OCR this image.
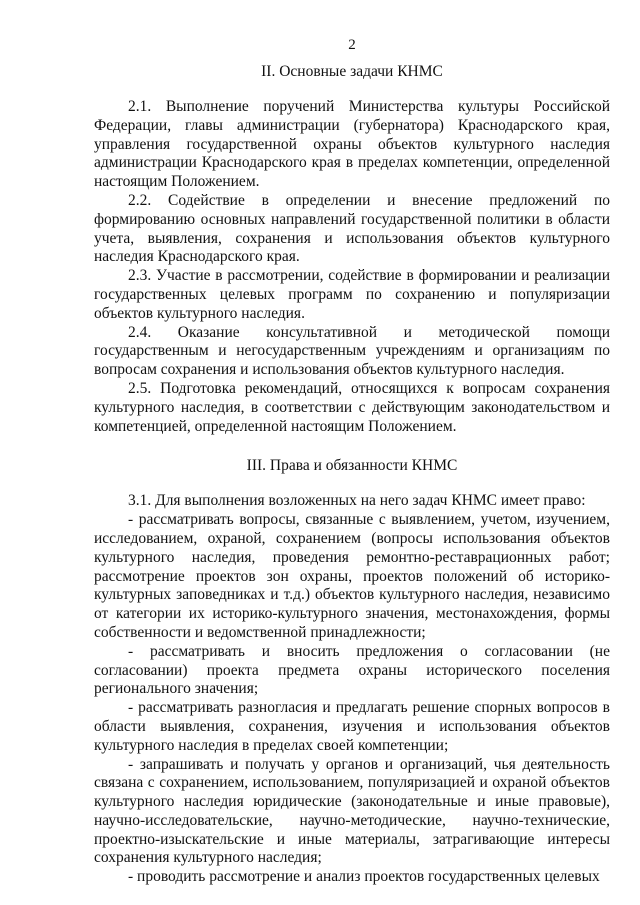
2
II. Основные задачи КНМС

2.1. Выполнение поручений Министерства культуры Российской Федерации, главы администрации (губернатора) Краснодарского края, управления государственной охраны объектов культурного наследия администрации Краснодарского края в пределах компетенции, определенной настоящим Положением.

2.2. Содействие в определении и внесение предложений по формированию основных направлений государственной политики в области учета, выявления, сохранения и использования объектов культурного наследия Краснодарского края.

2.3. Участие в рассмотрении, содействие в формировании и реализации государственных целевых программ по сохранению и популяризации объектов культурного наследия.

2.4. Оказание консультативной и методической помощи государственным и негосударственным учреждениям и организациям по вопросам сохранения и использования объектов культурного наследия.

2.5. Подготовка рекомендаций, относящихся к вопросам сохранения культурного наследия, в соответствии с действующим законодательством и компетенцией, определенной настоящим Положением.

III. Права и обязанности КНМС

3.1. Для выполнения возложенных на него задач КНМС имеет право:

- рассматривать вопросы, связанные с выявлением, учетом, изучением, исследованием, охраной, сохранением (вопросы использования объектов культурного наследия, проведения ремонтно-реставрационных работ; рассмотрение проектов зон охраны, проектов положений об историко-культурных заповедниках и т.д.) объектов культурного наследия, независимо от категории их историко-культурного значения, местонахождения, формы собственности и ведомственной принадлежности;

- рассматривать и вносить предложения о согласовании (не согласовании) проекта предмета охраны исторического поселения регионального значения;

- рассматривать разногласия и предлагать решение спорных вопросов в области выявления, сохранения, изучения и использования объектов культурного наследия в пределах своей компетенции;

- запрашивать и получать у органов и организаций, чья деятельность связана с сохранением, использованием, популяризацией и охраной объектов культурного наследия юридические (законодательные и иные правовые), научно-исследовательские, научно-методические, научно-технические, проектно-изыскательские и иные материалы, затрагивающие интересы сохранения культурного наследия;

- проводить рассмотрение и анализ проектов государственных целевых
